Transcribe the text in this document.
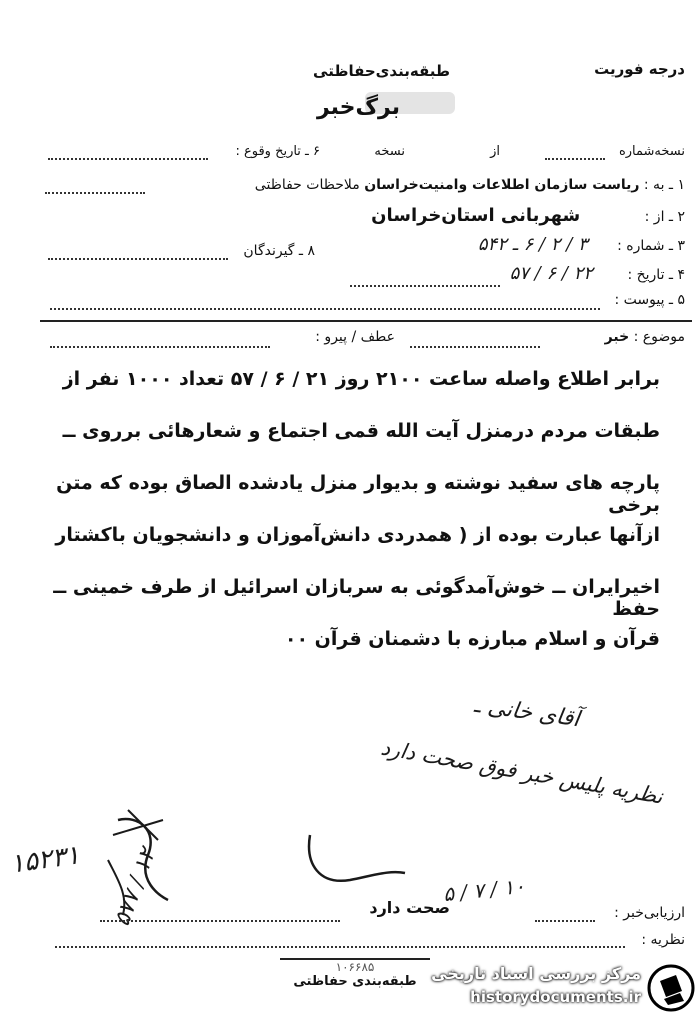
درجه فوریت
طبقه‌بندی‌حفاظتی
برگ‌خبر
نسخه‌شماره
از
نسخه
۶ ـ تاریخ وقوع :
۱ ـ به : ریاست سازمان اطلاعات وامنیت‌خراسان ملاحظات حفاظتی
۲ ـ از : شهربانی استان‌خراسان
۳ ـ شماره : ۳ / ۲ / ۶ ـ ۵۴۲
۸ ـ گیرندگان
۴ ـ تاریخ : ۲۲ / ۶ / ۵۷
۵ ـ پیوست :
موضوع : خبر
عطف / پیرو :
برابر اطلاع واصله ساعت ۲۱۰۰ روز ۲۱ / ۶ / ۵۷ تعداد ۱۰۰۰ نفر از
طبقات مردم درمنزل آیت الله قمی اجتماع و شعارهائی برروی ــ
پارچه های سفید نوشته و بدیوار منزل یادشده الصاق بوده که متن برخی
ازآنها عبارت بوده از ( همدردی دانش‌آموزان و دانشجویان باکشتار
اخیرایران ــ خوش‌آمدگوئی به سربازان اسرائیل از طرف خمینی ــ حفظ
قرآن و اسلام مبارزه با دشمنان قرآن ۰۰
آقای خانی ـ
نظریه پلیس خبر فوق صحت دارد
۱۵۲۳۱ ۵۷۷ / ۱۲	ارزیابی‌خبر :
صحت دارد
۵ / ۷ / ۱۰
نظریه :
۱۰۶۶۸۵
طبقه‌بندی حفاظتی مرکز بررسی اسناد تاریخی
historydocuments.ir
